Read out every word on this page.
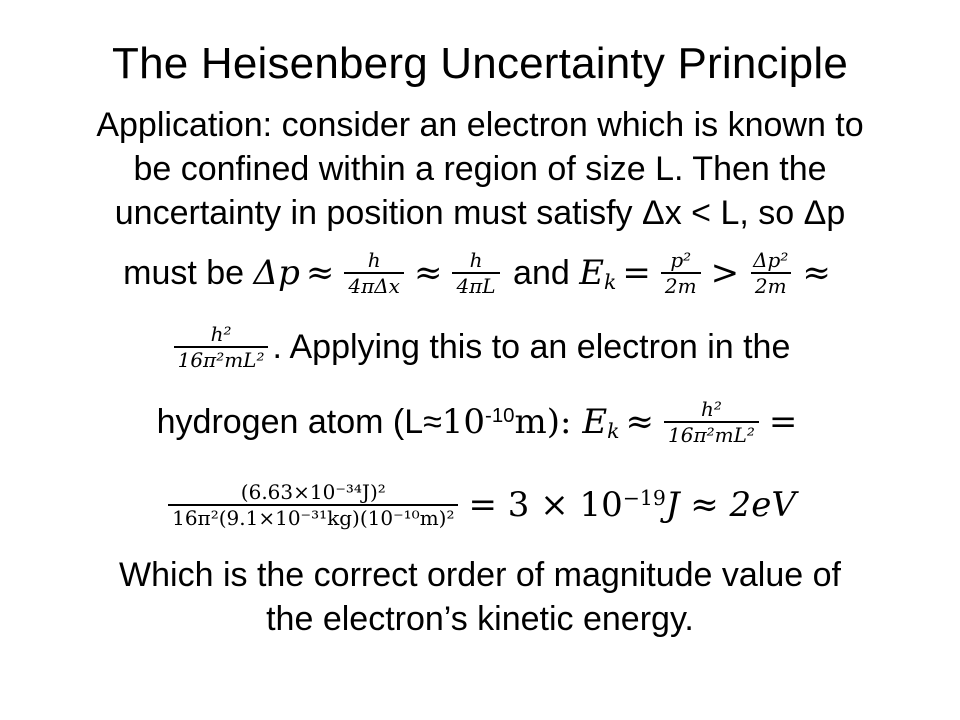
The Heisenberg Uncertainty Principle
Application: consider an electron which is known to
be confined within a region of size L. Then the
uncertainty in position must satisfy Δx < L, so Δp
must be $\Delta p \approx \frac{h}{\text{4πΔx}} \approx \frac{h}{4\pi L}$ and $E_k = \frac{\text{p²}}{2m} > \frac{\text{Δp²}}{2m}$ ≈
$\frac{\text{h²}}{\text{16π²mL²}}$ . Applying this to an electron in the
hydrogen atom ($L\approx 10^{-10}$ m): $E_k \approx \frac{\text{h²}}{\text{16π²mL²}}$ =
$\frac{\text{(6.63×10⁻³⁴J)²}}{\text{16π²(9.1×10⁻³¹kg)(10⁻¹⁰m)²}} = 3 \times 10^{-19}J \approx 2eV$
Which is the correct order of magnitude value of
the electron’s kinetic energy.
